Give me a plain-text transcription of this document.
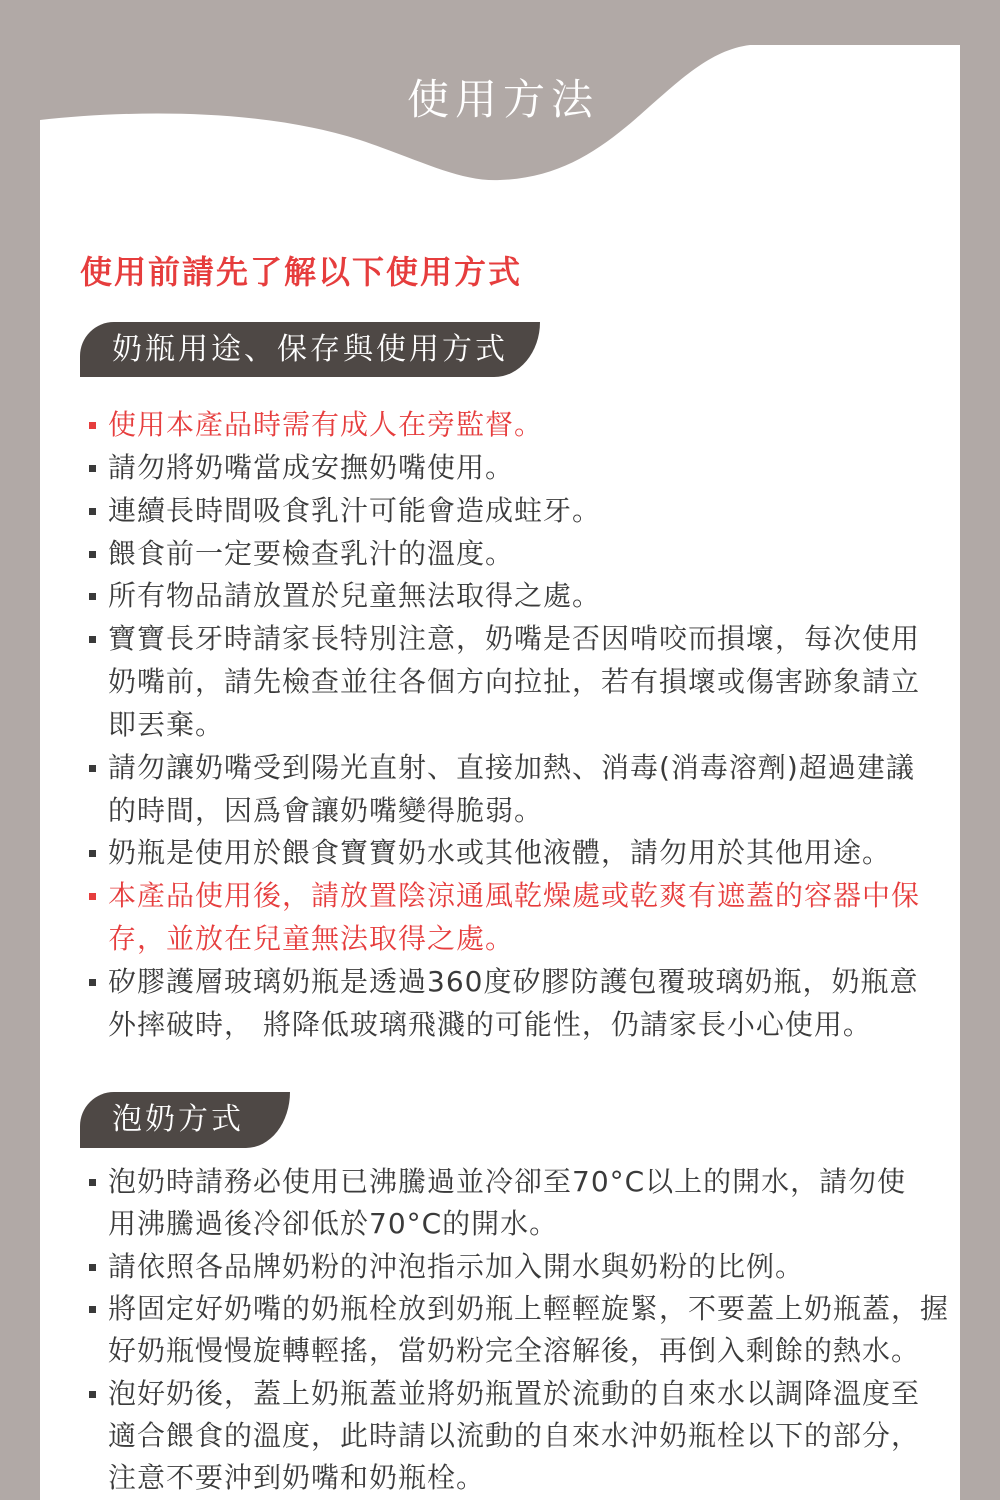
使用方法
使用前請先了解以下使用方式
奶瓶用途、保存與使用方式
使用本產品時需有成人在旁監督。
請勿將奶嘴當成安撫奶嘴使用。
連續長時間吸食乳汁可能會造成蛀牙。
餵食前一定要檢查乳汁的溫度。
所有物品請放置於兒童無法取得之處。
寶寶長牙時請家長特別注意，奶嘴是否因啃咬而損壞，每次使用
奶嘴前，請先檢查並往各個方向拉扯，若有損壞或傷害跡象請立
即丟棄。
請勿讓奶嘴受到陽光直射、直接加熱、消毒(消毒溶劑)超過建議
的時間，因爲會讓奶嘴變得脆弱。
奶瓶是使用於餵食寶寶奶水或其他液體，請勿用於其他用途。
本產品使用後，請放置陰涼通風乾燥處或乾爽有遮蓋的容器中保
存，並放在兒童無法取得之處。
矽膠護層玻璃奶瓶是透過360度矽膠防護包覆玻璃奶瓶，奶瓶意
外摔破時， 將降低玻璃飛濺的可能性，仍請家長小心使用。
泡奶方式
泡奶時請務必使用已沸騰過並冷卻至70°C以上的開水，請勿使
用沸騰過後冷卻低於70°C的開水。
請依照各品牌奶粉的沖泡指示加入開水與奶粉的比例。
將固定好奶嘴的奶瓶栓放到奶瓶上輕輕旋緊，不要蓋上奶瓶蓋，握
好奶瓶慢慢旋轉輕搖，當奶粉完全溶解後，再倒入剩餘的熱水。
泡好奶後，蓋上奶瓶蓋並將奶瓶置於流動的自來水以調降溫度至
適合餵食的溫度，此時請以流動的自來水沖奶瓶栓以下的部分，
注意不要沖到奶嘴和奶瓶栓。
